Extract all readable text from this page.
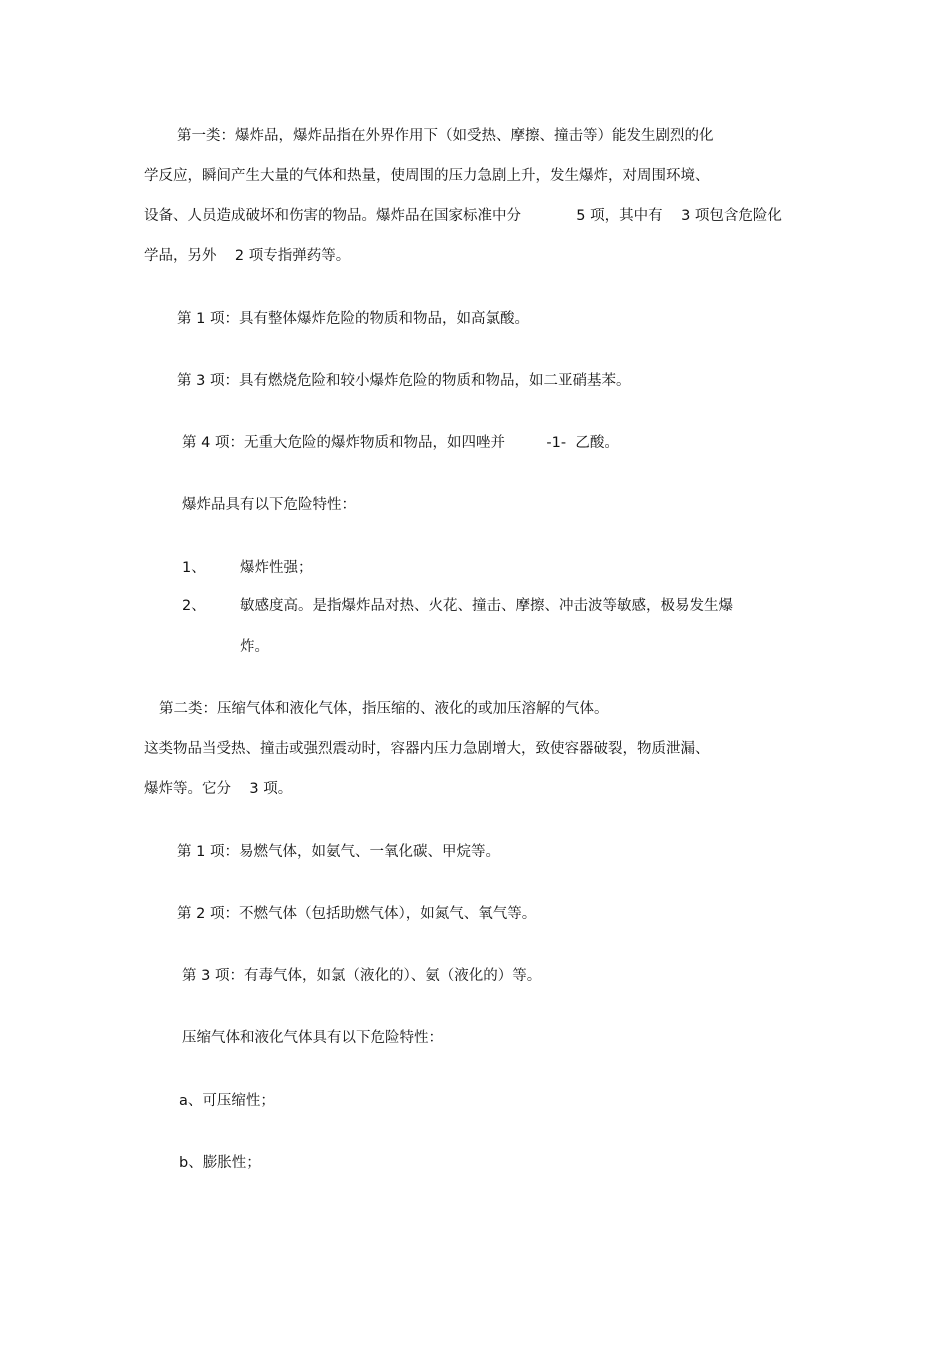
第一类：爆炸品，爆炸品指在外界作用下（如受热、摩擦、撞击等）能发生剧烈的化
学反应，瞬间产生大量的气体和热量，使周围的压力急剧上升，发生爆炸，对周围环境、
设备、人员造成破坏和伤害的物品。爆炸品在国家标准中分            5 项，其中有    3 项包含危险化
学品，另外    2 项专指弹药等。
第 1 项：具有整体爆炸危险的物质和物品，如高氯酸。
第 3 项：具有燃烧危险和较小爆炸危险的物质和物品，如二亚硝基苯。
第 4 项：无重大危险的爆炸物质和物品，如四唑并         -1-  乙酸。
爆炸品具有以下危险特性：
1、 爆炸性强；
2、 敏感度高。是指爆炸品对热、火花、撞击、摩擦、冲击波等敏感，极易发生爆
炸。
第二类：压缩气体和液化气体，指压缩的、液化的或加压溶解的气体。
这类物品当受热、撞击或强烈震动时，容器内压力急剧增大，致使容器破裂，物质泄漏、
爆炸等。它分    3 项。
第 1 项：易燃气体，如氨气、一氧化碳、甲烷等。
第 2 项：不燃气体（包括助燃气体），如氮气、氧气等。
第 3 项：有毒气体，如氯（液化的）、氨（液化的）等。
压缩气体和液化气体具有以下危险特性：
a、可压缩性；
b、膨胀性；
